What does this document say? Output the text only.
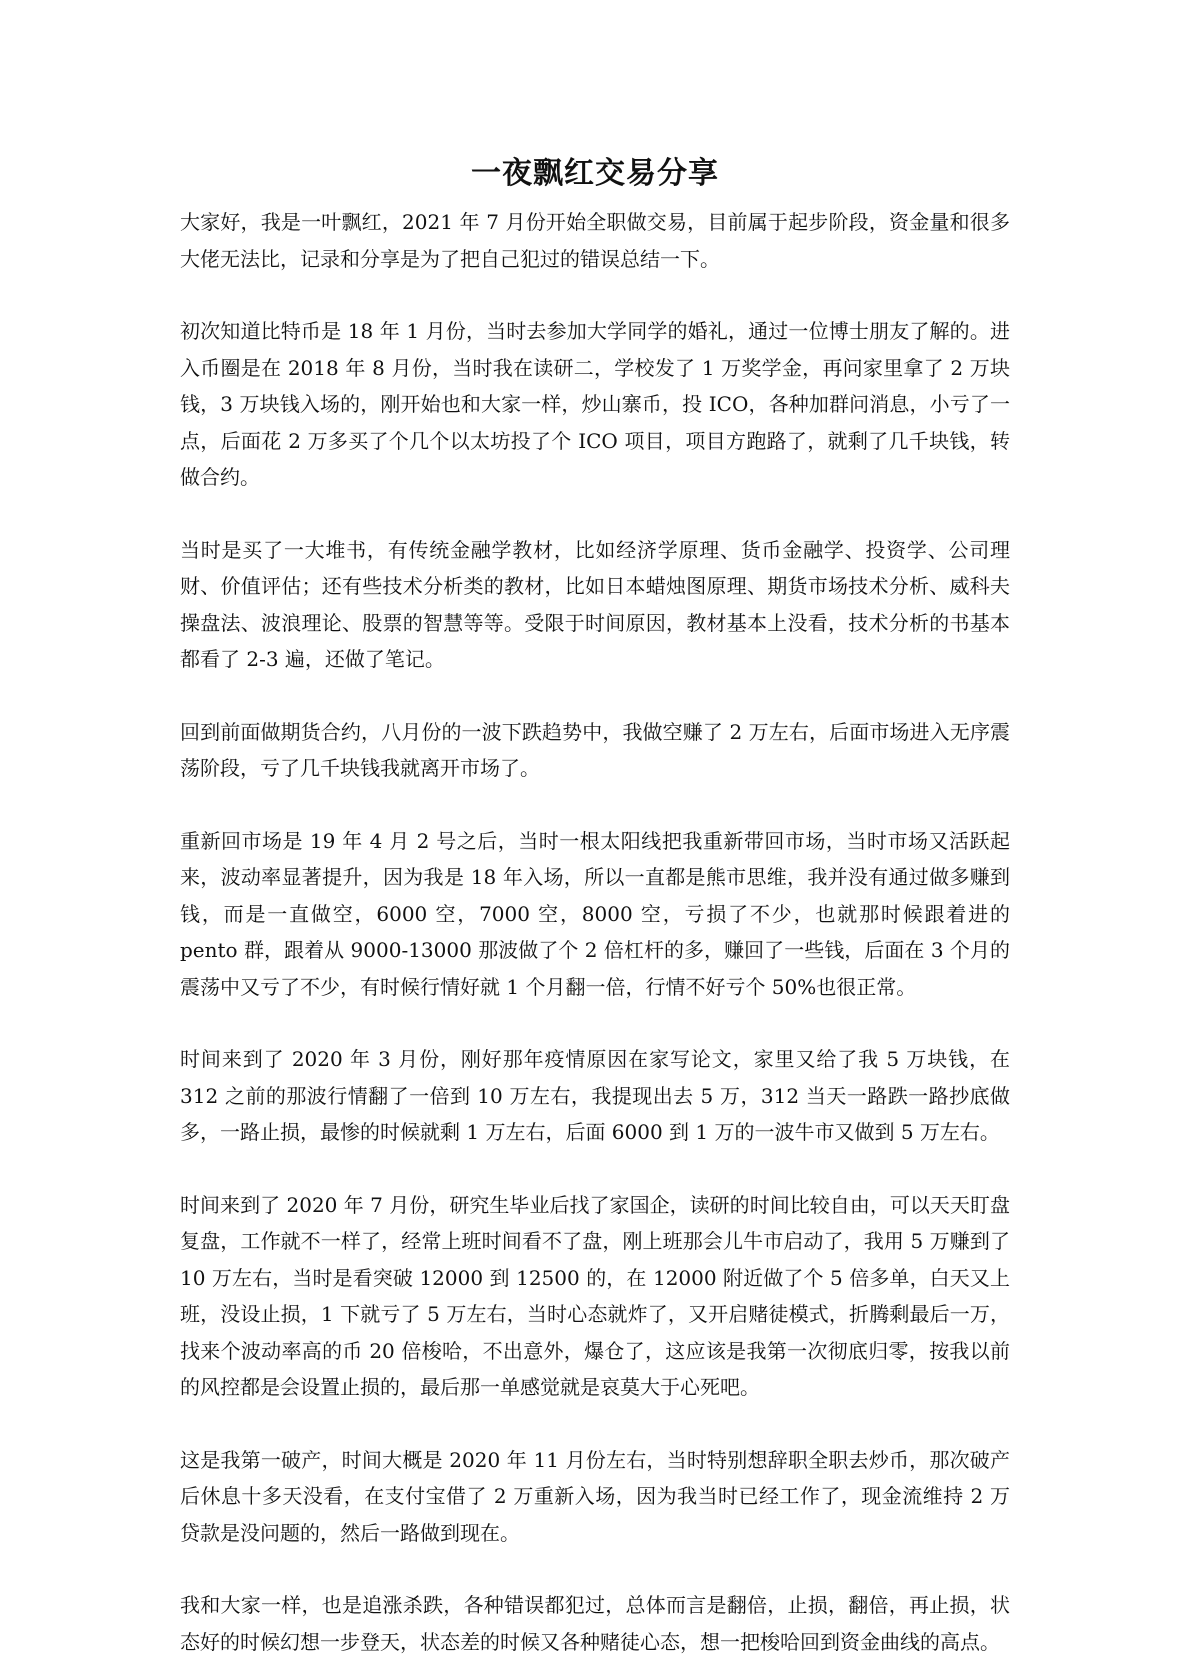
一夜飘红交易分享

大家好，我是一叶飘红，2021 年 7 月份开始全职做交易，目前属于起步阶段，资金量和很多大佬无法比，记录和分享是为了把自己犯过的错误总结一下。

初次知道比特币是 18 年 1 月份，当时去参加大学同学的婚礼，通过一位博士朋友了解的。进入币圈是在 2018 年 8 月份，当时我在读研二，学校发了 1 万奖学金，再问家里拿了 2 万块钱，3 万块钱入场的，刚开始也和大家一样，炒山寨币，投 ICO，各种加群问消息，小亏了一点，后面花 2 万多买了个几个以太坊投了个 ICO 项目，项目方跑路了，就剩了几千块钱，转做合约。

当时是买了一大堆书，有传统金融学教材，比如经济学原理、货币金融学、投资学、公司理财、价值评估；还有些技术分析类的教材，比如日本蜡烛图原理、期货市场技术分析、威科夫操盘法、波浪理论、股票的智慧等等。受限于时间原因，教材基本上没看，技术分析的书基本都看了 2-3 遍，还做了笔记。

回到前面做期货合约，八月份的一波下跌趋势中，我做空赚了 2 万左右，后面市场进入无序震荡阶段，亏了几千块钱我就离开市场了。

重新回市场是 19 年 4 月 2 号之后，当时一根太阳线把我重新带回市场，当时市场又活跃起来，波动率显著提升，因为我是 18 年入场，所以一直都是熊市思维，我并没有通过做多赚到钱，而是一直做空，6000 空，7000 空，8000 空，亏损了不少，也就那时候跟着进的 pento 群，跟着从 9000-13000 那波做了个 2 倍杠杆的多，赚回了一些钱，后面在 3 个月的震荡中又亏了不少，有时候行情好就 1 个月翻一倍，行情不好亏个 50%也很正常。

时间来到了 2020 年 3 月份，刚好那年疫情原因在家写论文，家里又给了我 5 万块钱，在 312 之前的那波行情翻了一倍到 10 万左右，我提现出去 5 万，312 当天一路跌一路抄底做多，一路止损，最惨的时候就剩 1 万左右，后面 6000 到 1 万的一波牛市又做到 5 万左右。

时间来到了 2020 年 7 月份，研究生毕业后找了家国企，读研的时间比较自由，可以天天盯盘复盘，工作就不一样了，经常上班时间看不了盘，刚上班那会儿牛市启动了，我用 5 万赚到了 10 万左右，当时是看突破 12000 到 12500 的，在 12000 附近做了个 5 倍多单，白天又上班，没设止损，1 下就亏了 5 万左右，当时心态就炸了，又开启赌徒模式，折腾剩最后一万，找来个波动率高的币 20 倍梭哈，不出意外，爆仓了，这应该是我第一次彻底归零，按我以前的风控都是会设置止损的，最后那一单感觉就是哀莫大于心死吧。

这是我第一破产，时间大概是 2020 年 11 月份左右，当时特别想辞职全职去炒币，那次破产后休息十多天没看，在支付宝借了 2 万重新入场，因为我当时已经工作了，现金流维持 2 万贷款是没问题的，然后一路做到现在。

我和大家一样，也是追涨杀跌，各种错误都犯过，总体而言是翻倍，止损，翻倍，再止损，状态好的时候幻想一步登天，状态差的时候又各种赌徒心态，想一把梭哈回到资金曲线的高点。
